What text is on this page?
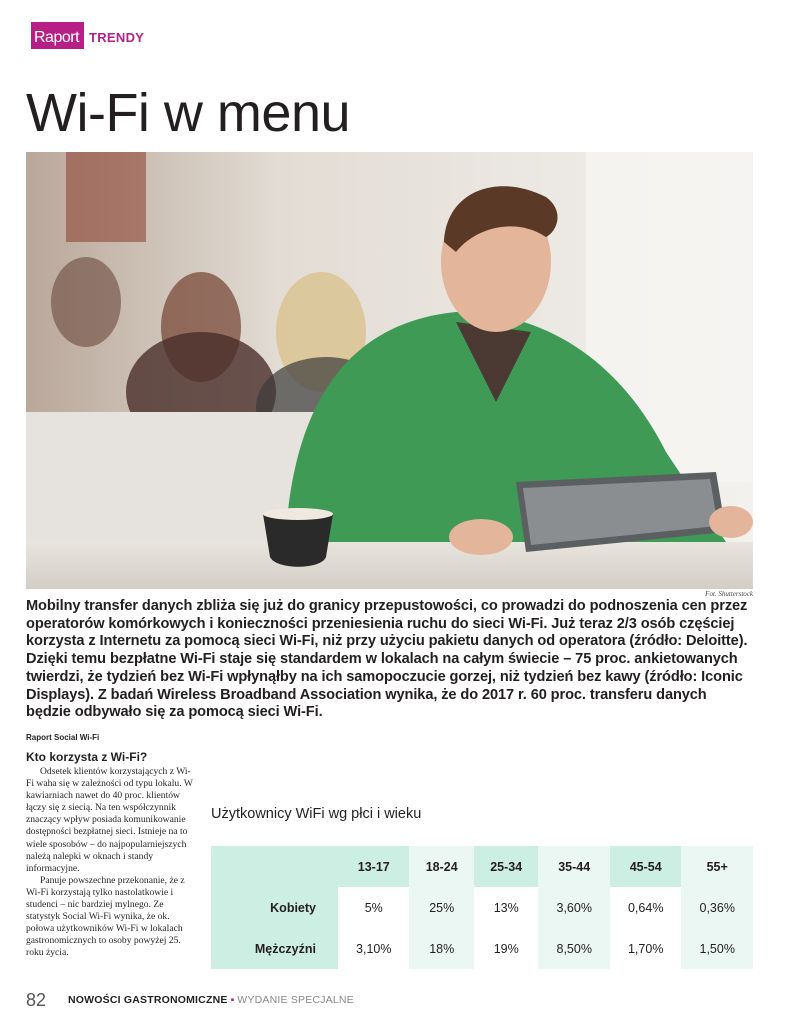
Raport TRENDY
Wi-Fi w menu
Fot. Shutterstock

Mobilny transfer danych zbliża się już do granicy przepustowości, co prowadzi do podnoszenia cen przez operatorów komórkowych i konieczności przeniesienia ruchu do sieci Wi-Fi. Już teraz 2/3 osób częściej korzysta z Internetu za pomocą sieci Wi-Fi, niż przy użyciu pakietu danych od operatora (źródło: Deloitte). Dzięki temu bezpłatne Wi-Fi staje się standardem w lokalach na całym świecie – 75 proc. ankietowanych twierdzi, że tydzień bez Wi-Fi wpłynąłby na ich samopoczucie gorzej, niż tydzień bez kawy (źródło: Iconic Displays). Z badań Wireless Broadband Association wynika, że do 2017 r. 60 proc. transferu danych będzie odbywało się za pomocą sieci Wi-Fi.

Raport Social Wi-Fi
Kto korzysta z Wi-Fi?

Odsetek klientów korzystających z Wi-Fi waha się w zależności od typu lokalu. W kawiarniach nawet do 40 proc. klientów łączy się z siecią. Na ten współczynnik znaczący wpływ posiada komunikowanie dostępności bezpłatnej sieci. Istnieje na to wiele sposobów – do najpopularniejszych należą nalepki w oknach i standy informacyjne.

Panuje powszechne przekonanie, że z Wi-Fi korzystają tylko nastolatkowie i studenci – nic bardziej mylnego. Ze statystyk Social Wi-Fi wynika, że ok. połowa użytkowników Wi-Fi w lokalach gastronomicznych to osoby powyżej 25. roku życia.

Użytkownicy WiFi wg płci i wieku
	13-17	18-24	25-34	35-44	45-54	55+
Kobiety	5%	25%	13%	3,60%	0,64%	0,36%
Mężczyźni	3,10%	18%	19%	8,50%	1,70%	1,50%
82 NOWOŚCI GASTRONOMICZNE ▪ WYDANIE SPECJALNE
